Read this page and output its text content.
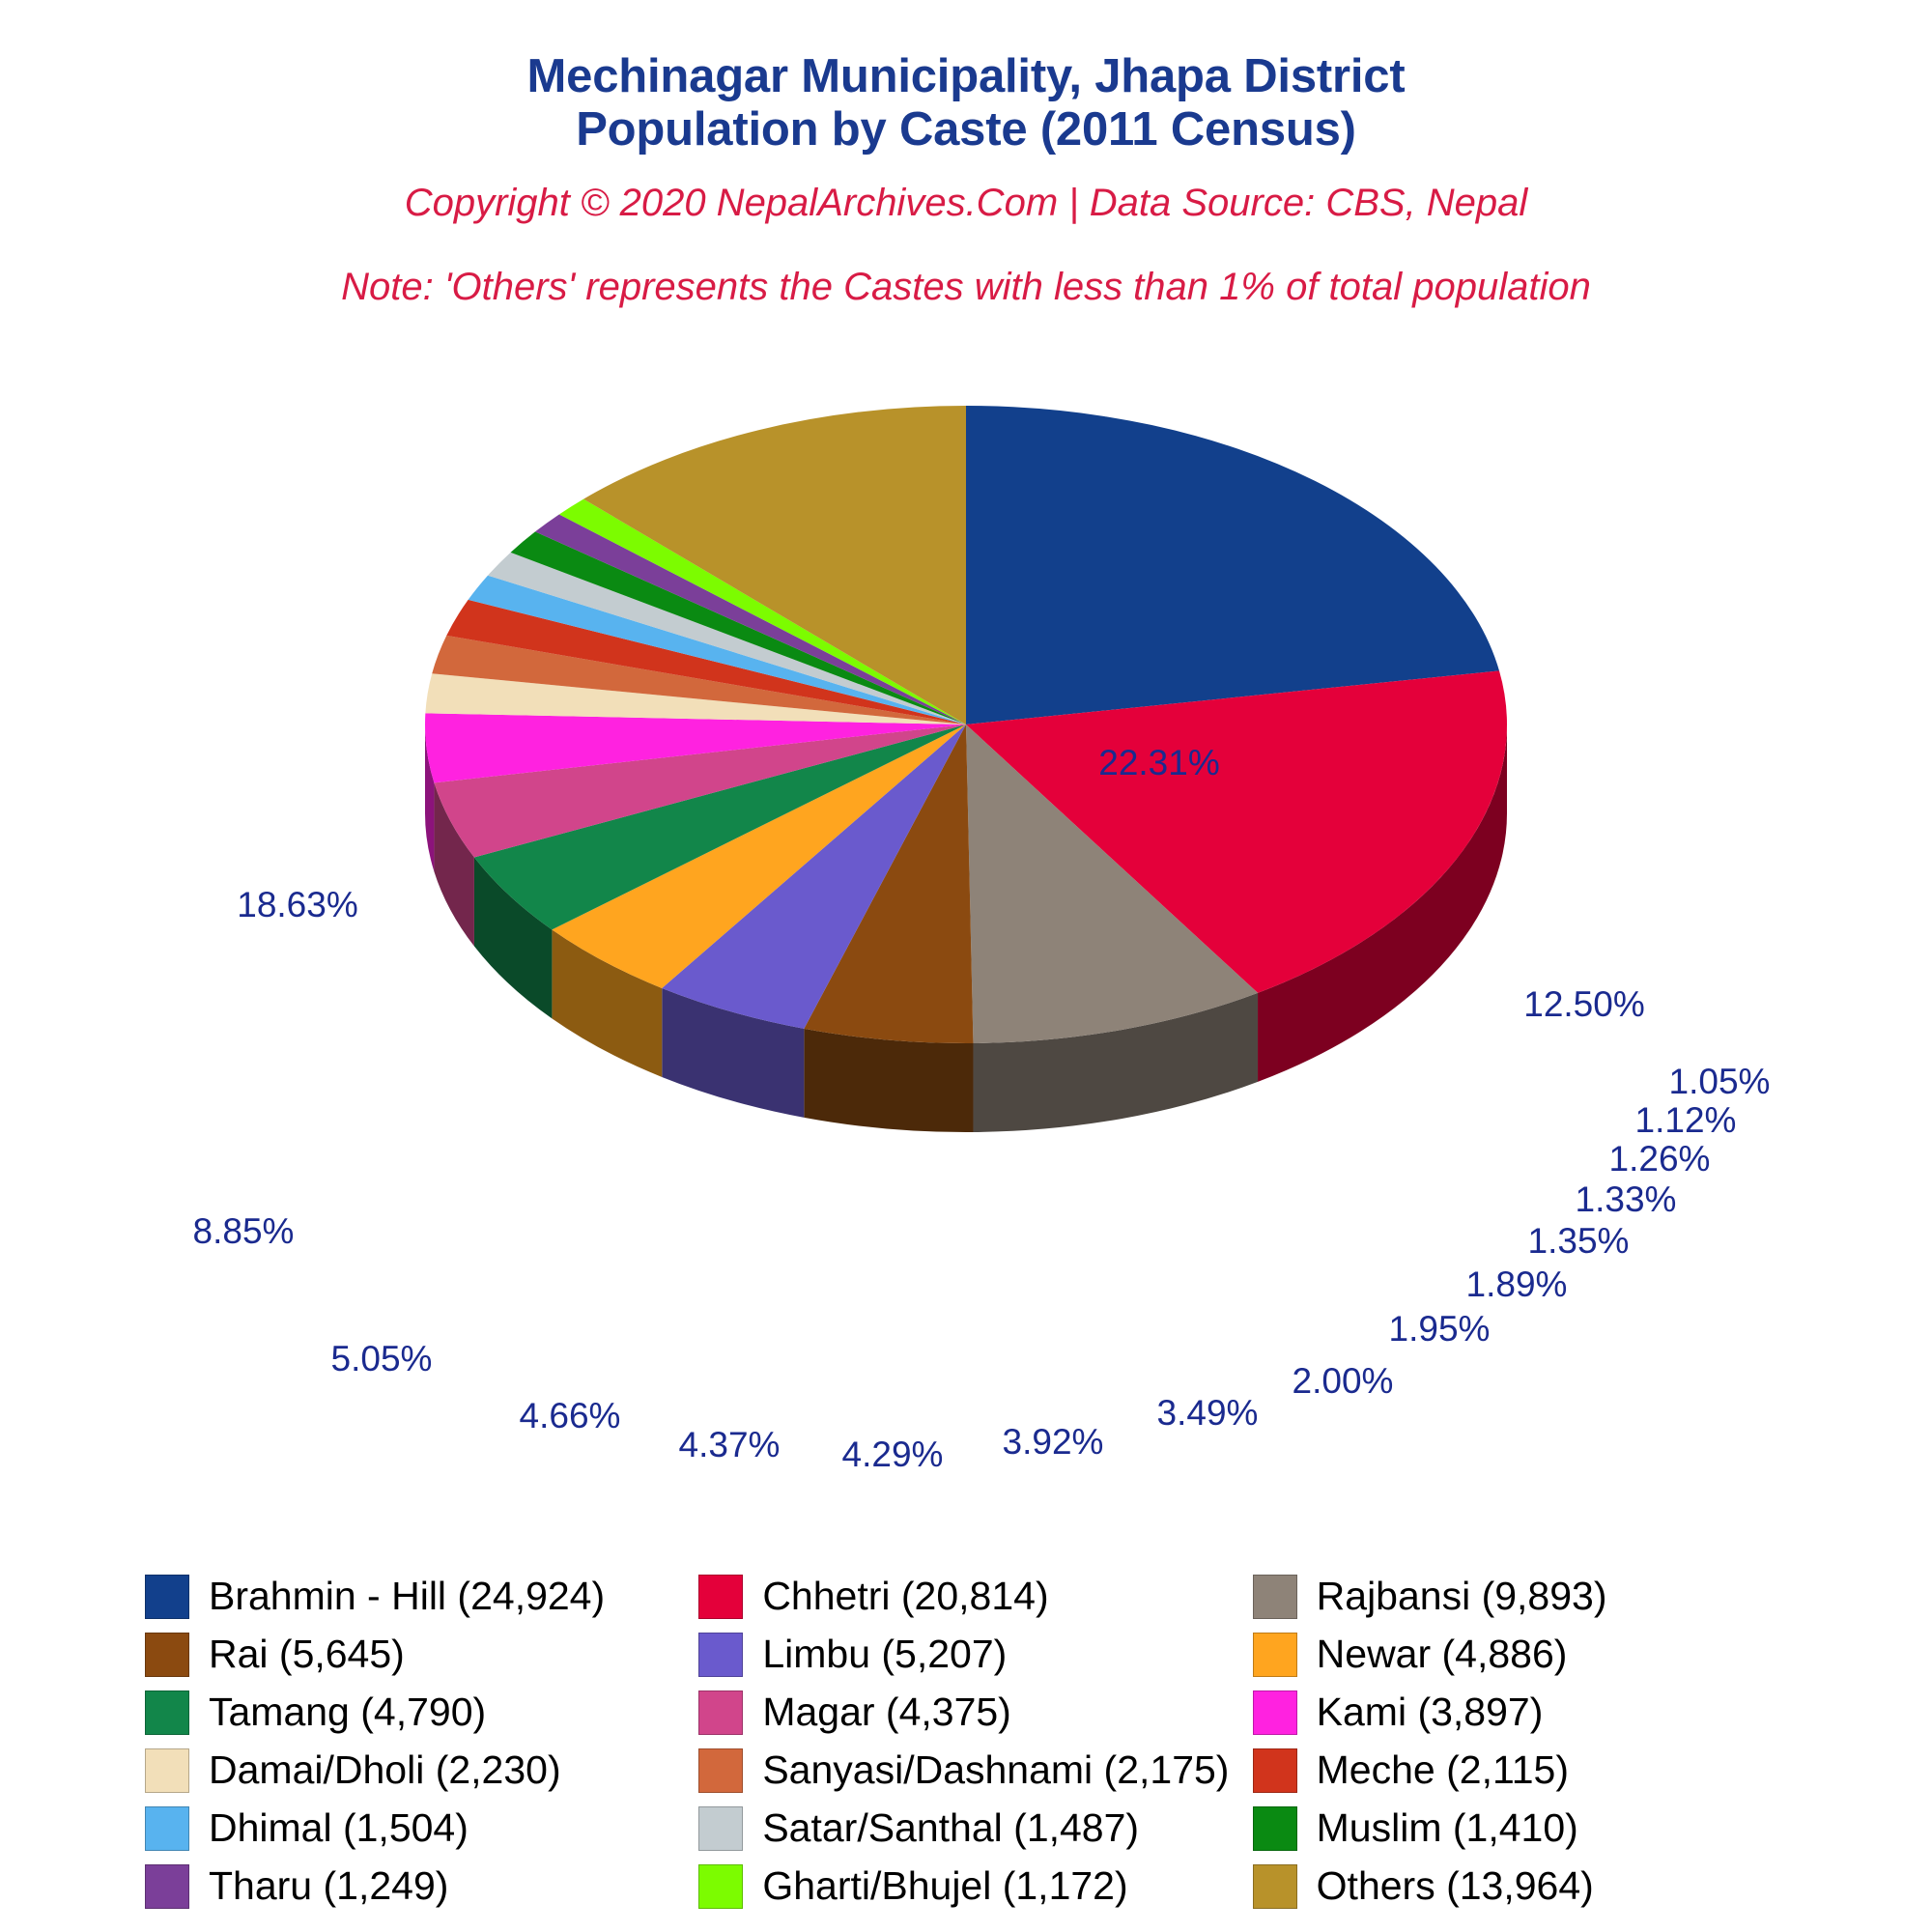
Mechinagar Municipality, Jhapa District
Population by Caste (2011 Census)
Copyright © 2020 NepalArchives.Com | Data Source: CBS, Nepal
Note: 'Others' represents the Castes with less than 1% of total population
22.31%
18.63%
12.50%
8.85%
5.05%
4.66%
4.37% 4.29% 3.92%
3.49%
2.00%
1.95%
1.89%
1.35%
1.33%
1.26%
1.12%
1.05%
Brahmin - Hill (24,924)	Chhetri (20,814)	Rajbansi (9,893)
Rai (5,645)	Limbu (5,207)	Newar (4,886)
Tamang (4,790)	Magar (4,375)	Kami (3,897)
Damai/Dholi (2,230)	Sanyasi/Dashnami (2,175) Meche (2,115)
Dhimal (1,504)	Satar/Santhal (1,487)	Muslim (1,410)
Tharu (1,249)	Gharti/Bhujel (1,172)	Others (13,964)
